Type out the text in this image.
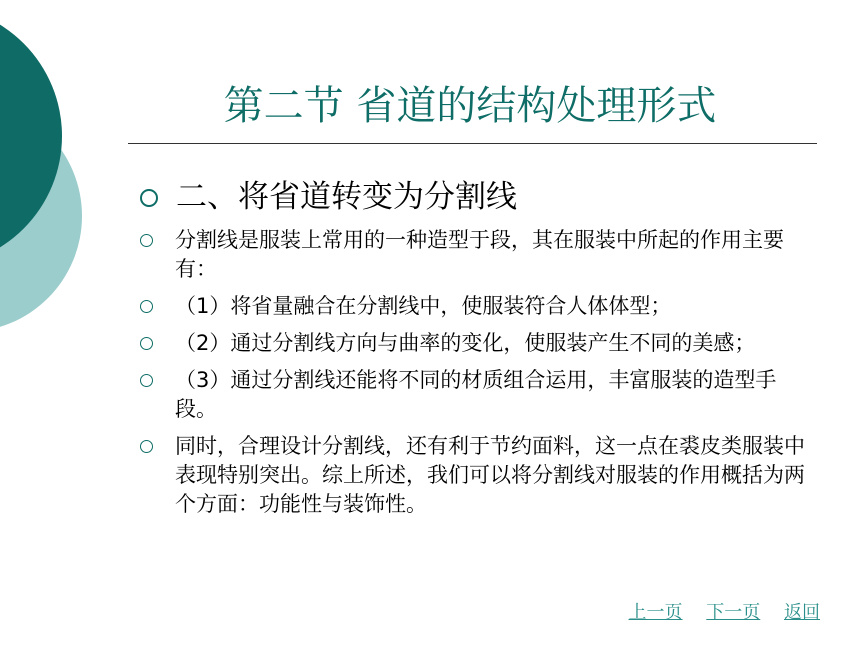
第二节 省道的结构处理形式
二、将省道转变为分割线
分割线是服装上常用的一种造型于段，其在服装中所起的作用主要有：
（1）将省量融合在分割线中，使服装符合人体体型；
（2）通过分割线方向与曲率的变化，使服装产生不同的美感；
（3）通过分割线还能将不同的材质组合运用，丰富服装的造型手段。
同时，合理设计分割线，还有利于节约面料，这一点在裘皮类服装中表现特别突出。综上所述，我们可以将分割线对服装的作用概括为两个方面：功能性与装饰性。
上一页 下一页 返回
